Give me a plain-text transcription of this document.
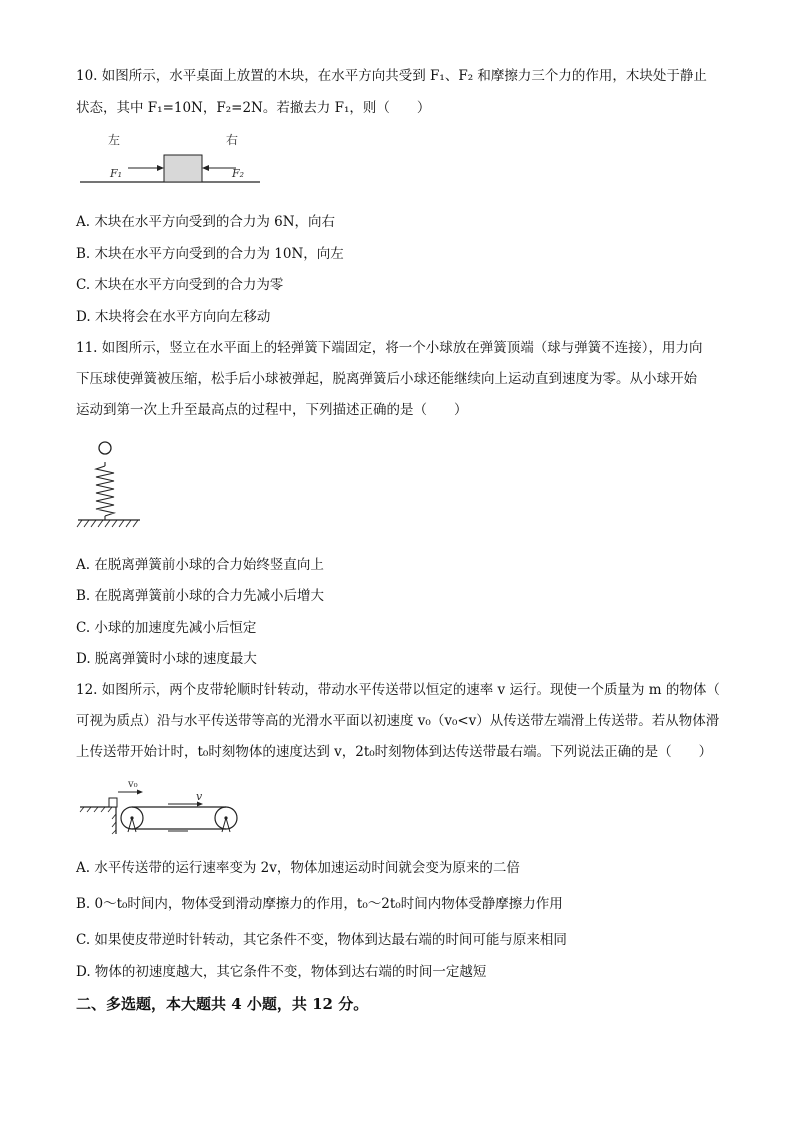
10. 如图所示，水平桌面上放置的木块，在水平方向共受到 F₁、F₂ 和摩擦力三个力的作用，木块处于静止
状态，其中 F₁=10N，F₂=2N。若撤去力 F₁，则（　　）
左	右
F₁	F₂
A. 木块在水平方向受到的合力为 6N，向右
B. 木块在水平方向受到的合力为 10N，向左
C. 木块在水平方向受到的合力为零
D. 木块将会在水平方向向左移动
11. 如图所示，竖立在水平面上的轻弹簧下端固定，将一个小球放在弹簧顶端（球与弹簧不连接），用力向
下压球使弹簧被压缩，松手后小球被弹起，脱离弹簧后小球还能继续向上运动直到速度为零。从小球开始
运动到第一次上升至最高点的过程中，下列描述正确的是（　　）
A. 在脱离弹簧前小球的合力始终竖直向上
B. 在脱离弹簧前小球的合力先减小后增大
C. 小球的加速度先减小后恒定
D. 脱离弹簧时小球的速度最大
12. 如图所示，两个皮带轮顺时针转动，带动水平传送带以恒定的速率 v 运行。现使一个质量为 m 的物体（
可视为质点）沿与水平传送带等高的光滑水平面以初速度 v₀（v₀<v）从传送带左端滑上传送带。若从物体滑
上传送带开始计时，t₀时刻物体的速度达到 v，2t₀时刻物体到达传送带最右端。下列说法正确的是（　　）
v₀
v
A. 水平传送带的运行速率变为 2v，物体加速运动时间就会变为原来的二倍
B. 0～t₀时间内，物体受到滑动摩擦力的作用，t₀～2t₀时间内物体受静摩擦力作用
C. 如果使皮带逆时针转动，其它条件不变，物体到达最右端的时间可能与原来相同
D. 物体的初速度越大，其它条件不变，物体到达右端的时间一定越短
二、多选题，本大题共 4 小题，共 12 分。
